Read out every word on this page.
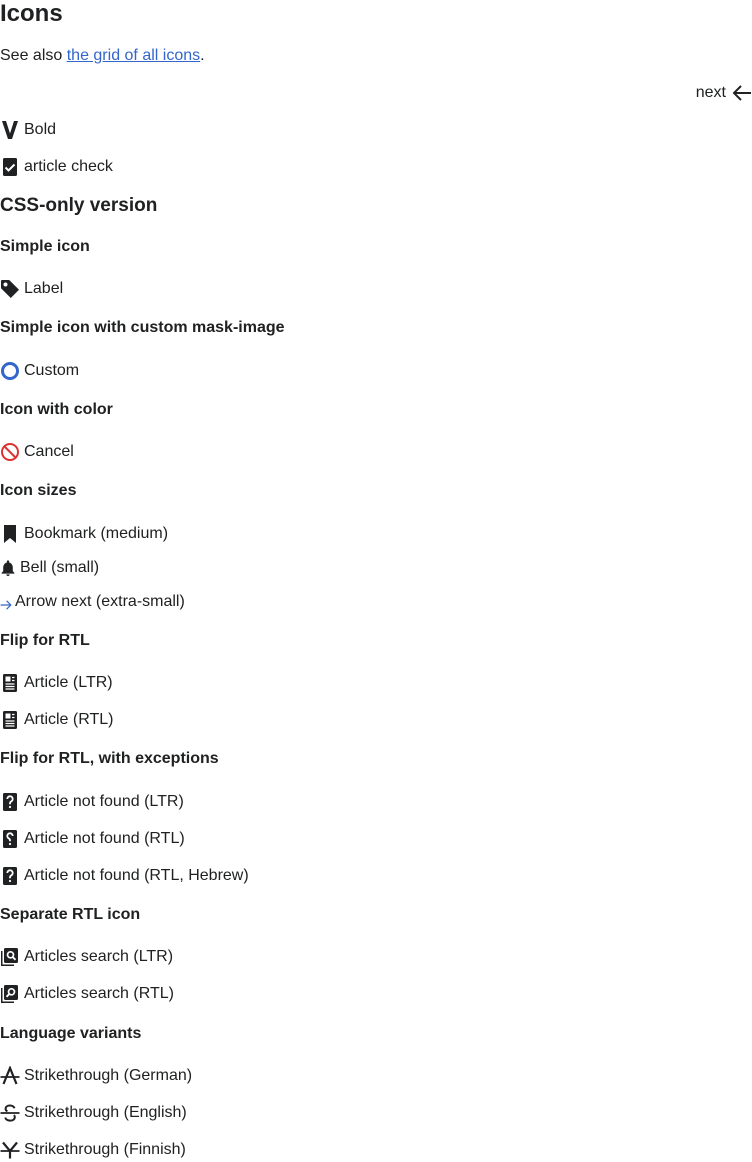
Icons

See also the grid of all icons.

next
Bold
article check
CSS-only version
Simple icon
Label
Simple icon with custom mask-image
Custom
Icon with color
Cancel
Icon sizes
Bookmark (medium)
Bell (small)
Arrow next (extra-small)
Flip for RTL
Article (LTR)
Article (RTL)
Flip for RTL, with exceptions
Article not found (LTR)
Article not found (RTL)
Article not found (RTL, Hebrew)
Separate RTL icon
Articles search (LTR)
Articles search (RTL)
Language variants
Strikethrough (German)
Strikethrough (English)
Strikethrough (Finnish)
